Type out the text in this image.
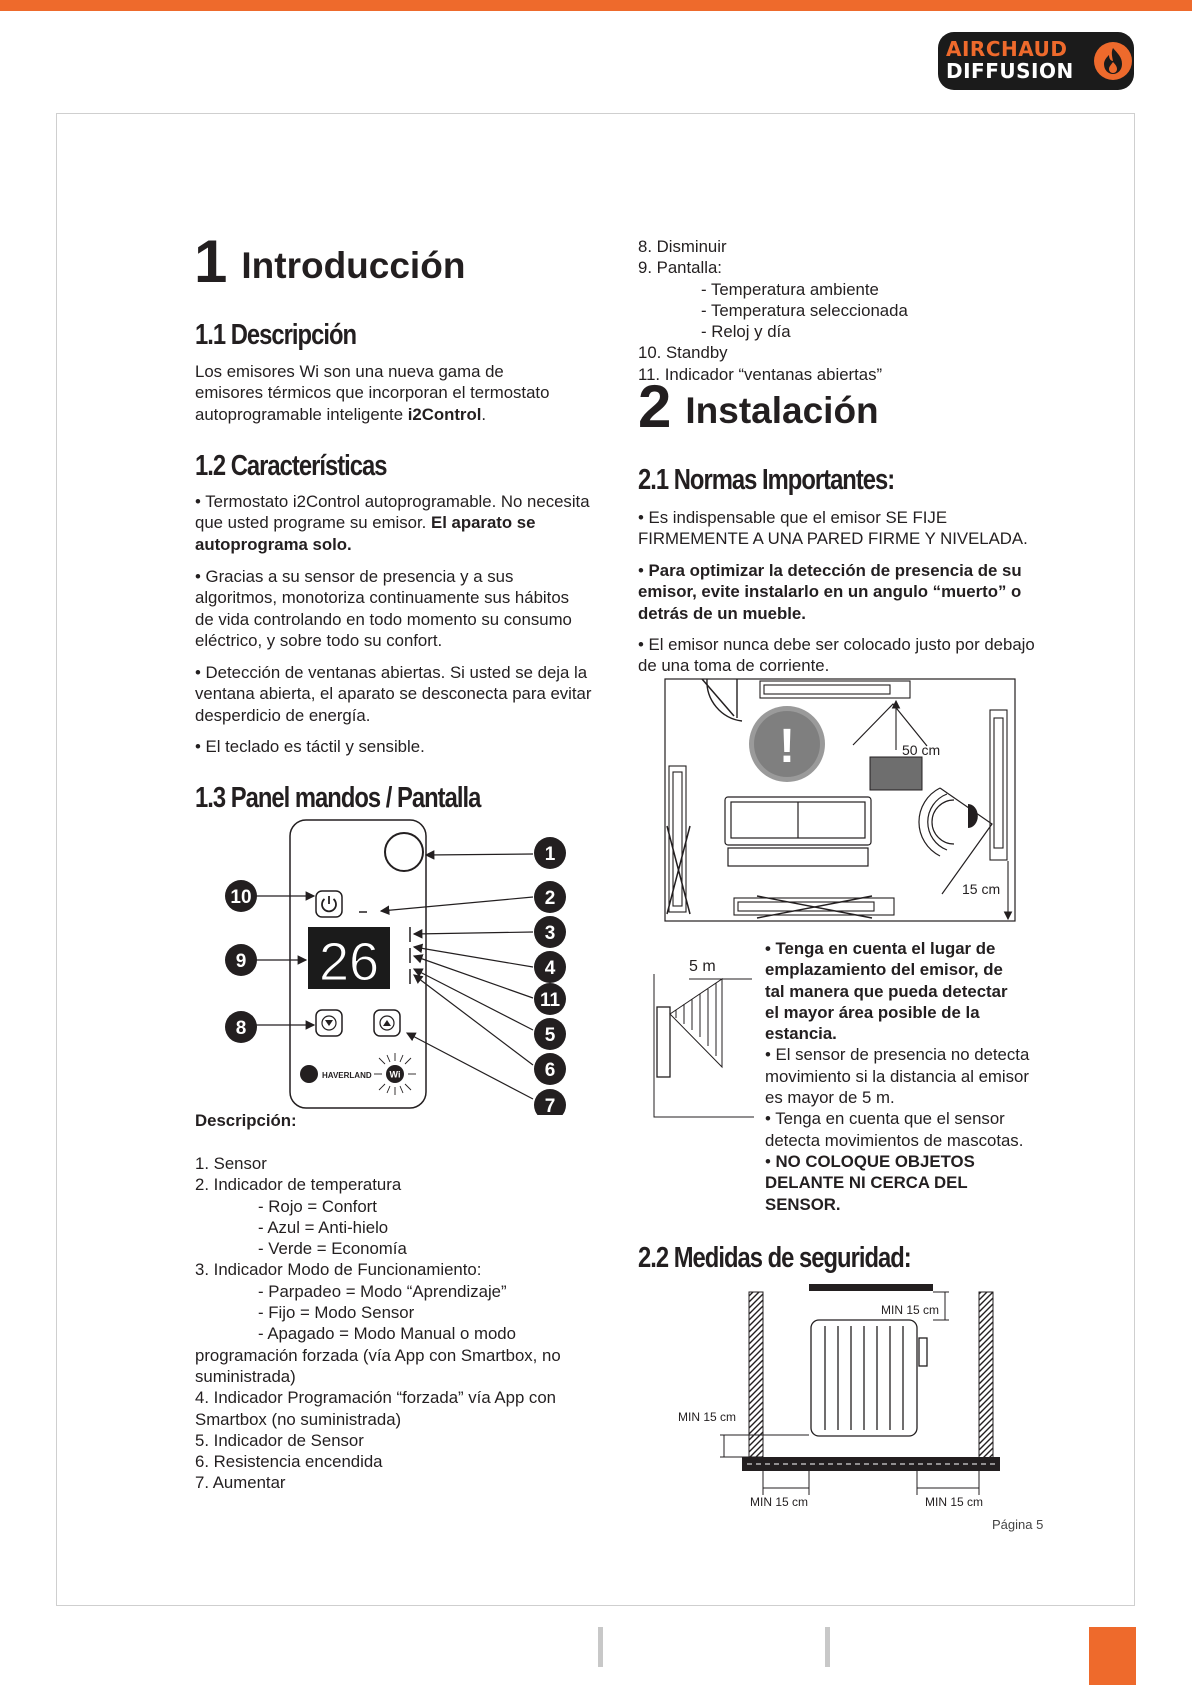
AIRCHAUD
DIFFUSION
1 Introducción
1.1 Descripción
Los emisores Wi son una nueva gama de
emisores térmicos que incorporan el termostato
autoprogramable inteligente i2Control.
1.2 Características
• Termostato i2Control autoprogramable. No necesita
que usted programe su emisor. El aparato se
autoprograma solo.
• Gracias a su sensor de presencia y a sus
algoritmos, monotoriza continuamente sus hábitos
de vida controlando en todo momento su consumo
eléctrico, y sobre todo su confort.
• Detección de ventanas abiertas. Si usted se deja la
ventana abierta, el aparato se desconecta para evitar
desperdicio de energía.
• El teclado es táctil y sensible.
1.3 Panel mandos / Pantalla
26
HAVERLAND Wi
1
2
3
4
11
5
6
7
10
9
8
Descripción:
1. Sensor
2. Indicador de temperatura
- Rojo = Confort
- Azul = Anti-hielo
- Verde = Economía
3. Indicador Modo de Funcionamiento:
- Parpadeo = Modo “Aprendizaje”
- Fijo = Modo Sensor
- Apagado = Modo Manual o modo
programación forzada (vía App con Smartbox, no
suministrada)
4. Indicador Programación “forzada” vía App con
Smartbox (no suministrada)
5. Indicador de Sensor
6. Resistencia encendida
7. Aumentar
8. Disminuir
9. Pantalla:
- Temperatura ambiente
- Temperatura seleccionada
- Reloj y día
10. Standby
11. Indicador “ventanas abiertas”
2 Instalación
2.1 Normas Importantes:
• Es indispensable que el emisor SE FIJE
FIRMEMENTE A UNA PARED FIRME Y NIVELADA.
• Para optimizar la detección de presencia de su
emisor, evite instalarlo en un angulo “muerto” o
detrás de un mueble.
• El emisor nunca debe ser colocado justo por debajo
de una toma de corriente.
!	50 cm
15 cm
5 m
• Tenga en cuenta el lugar de
emplazamiento del emisor, de
tal manera que pueda detectar
el mayor área posible de la
estancia.
• El sensor de presencia no detecta
movimiento si la distancia al emisor
es mayor de 5 m.
• Tenga en cuenta que el sensor
detecta movimientos de mascotas.
• NO COLOQUE OBJETOS
DELANTE NI CERCA DEL
SENSOR.
2.2 Medidas de seguridad:
MIN 15 cm
MIN 15 cm
MIN 15 cm	MIN 15 cm
Página 5
